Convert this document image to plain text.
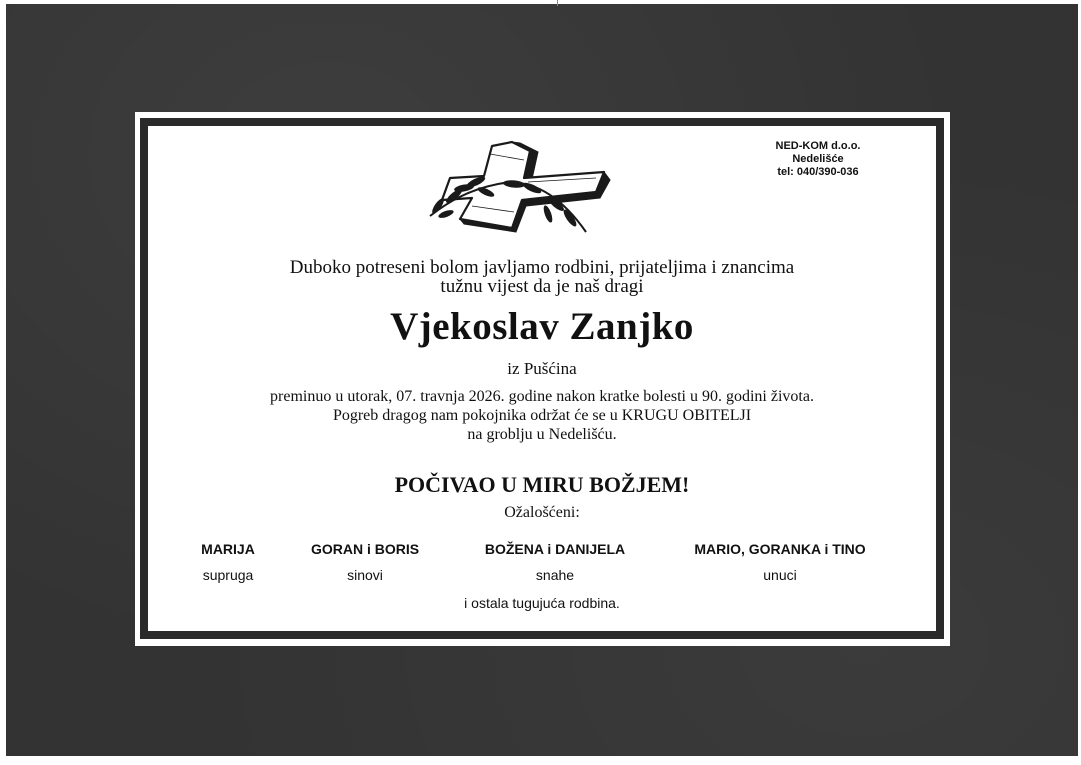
NED-KOM d.o.o.
Nedelišće
tel: 040/390-036
Duboko potreseni bolom javljamo rodbini, prijateljima i znancima
tužnu vijest da je naš dragi
Vjekoslav Zanjko
iz Pušćina
preminuo u utorak, 07. travnja 2026. godine nakon kratke bolesti u 90. godini života.
Pogreb dragog nam pokojnika održat će se u KRUGU OBITELJI
na groblju u Nedelišću.
POČIVAO U MIRU BOŽJEM!
Ožalošćeni:
MARIJA
supruga
GORAN i BORIS
sinovi
BOŽENA i DANIJELA
snahe
MARIO, GORANKA i TINO
unuci
i ostala tugujuća rodbina.
